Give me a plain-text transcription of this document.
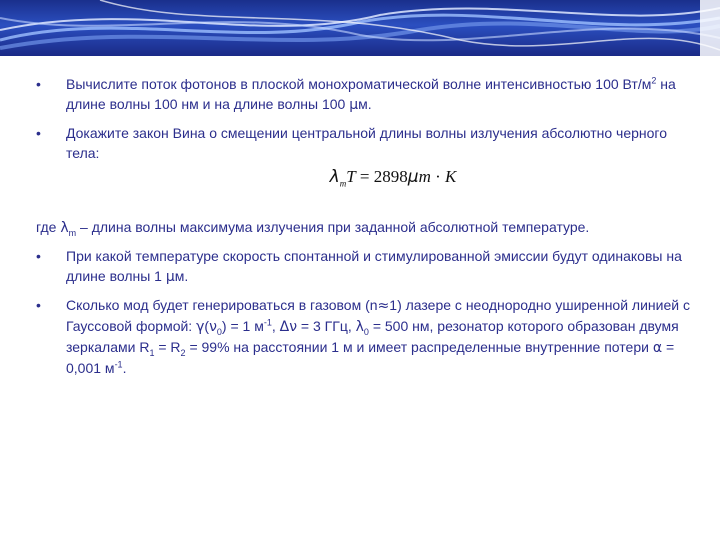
• Вычислите поток фотонов в плоской монохроматической волне интенсивностью 100 $Вт/м^2$ на длине волны 100 нм и на длине волны 100 μм.
• Докажите закон Вина о смещении центральной длины волны излучения абсолютно черного тела:
$\lambda_mT = 2898\mu m \cdot K$
где $\lambda_m$ – длина волны максимума излучения при заданной абсолютной температуре.
• При какой температуре скорость спонтанной и стимулированной эмиссии будут одинаковы на длине волны 1 μм.
• Сколько мод будет генерироваться в газовом (n≈1) лазере с неоднородно уширенной линией с Гауссовой формой: $\gamma(\nu_0) = 1$ $м^{-1}$, Δν = 3 ГГц, $\lambda_0 = 500$ нм, резонатор которого образован двумя зеркалами $R_1 = R_2 = 99\%$ на расстоянии 1 м и имеет распределенные внутренние потери α = 0,001 $м^{-1}$.
